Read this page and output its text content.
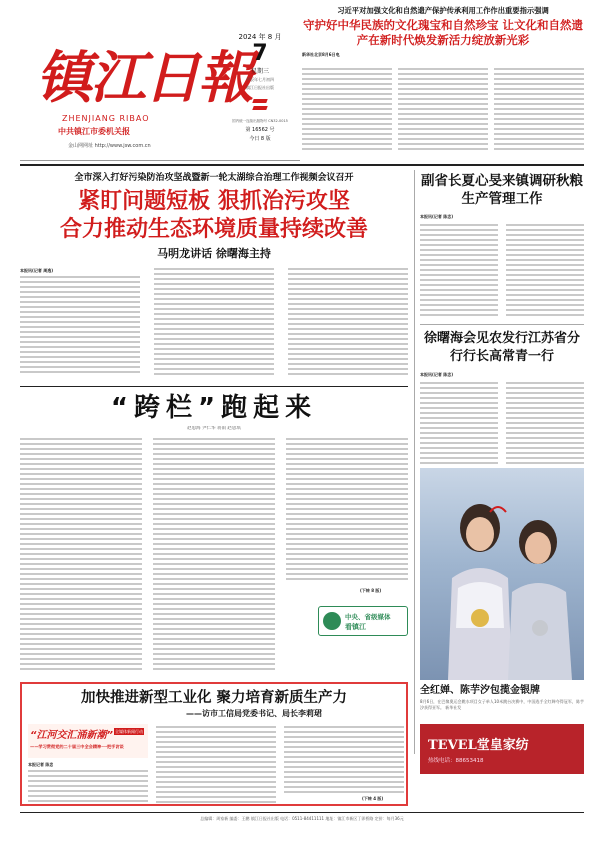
镇江日報
ZHENJIANG RIBAO
中共镇江市委机关报
金山网网址 http://www.jsw.com.cn
2024 年 8 月
7
星期三
甲辰年七月初四
镇江日报社出版
国内统一连续出版物号 CN32-0015
第 16562 号
今日 8 版
习近平对加强文化和自然遗产保护传承利用工作作出重要指示强调
守护好中华民族的文化瑰宝和自然珍宝 让文化和自然遗产在新时代焕发新活力绽放新光彩
新华社北京8月6日电
全市深入打好污染防治攻坚战暨新一轮太湖综合治理工作视频会议召开
紧盯问题短板 狠抓治污攻坚
合力推动生态环境质量持续改善
马明龙讲话 徐曙海主持
本报讯(记者 周逸)
副省长夏心旻来镇调研秋粮生产管理工作
本报讯(记者 陈忠)
徐曙海会见农发行江苏省分行行长高常青一行
本报讯(记者 陈忠)
全红婵、陈芋汐包揽金银牌
8月6日，在巴黎奥运会跳水项目女子单人10米跳台决赛中，中国选手全红婵夺得冠军，陈芋汐获得亚军。 新华社发
“跨栏”跑起来
赵思海 尹仁华 蒋雨 赵思琪
(下转 8 版)
中央、省级媒体
看镇江
加快推进新型工业化 聚力培育新质生产力
——访市工信局党委书记、局长李莉珺
“江河交汇涌新潮” 全媒体新闻行动
——学习贯彻党的二十届三中全会精神·一把手访谈
本报记者 陈忠
(下转 4 版)
TEVEL堂皇家纺
热线电话：88653418
总编辑：周家新 编委：王鹏 镇江日报社出版 电话：0511-84411111 地址：镇江市新区丁卯桥路 定价：每月36元
